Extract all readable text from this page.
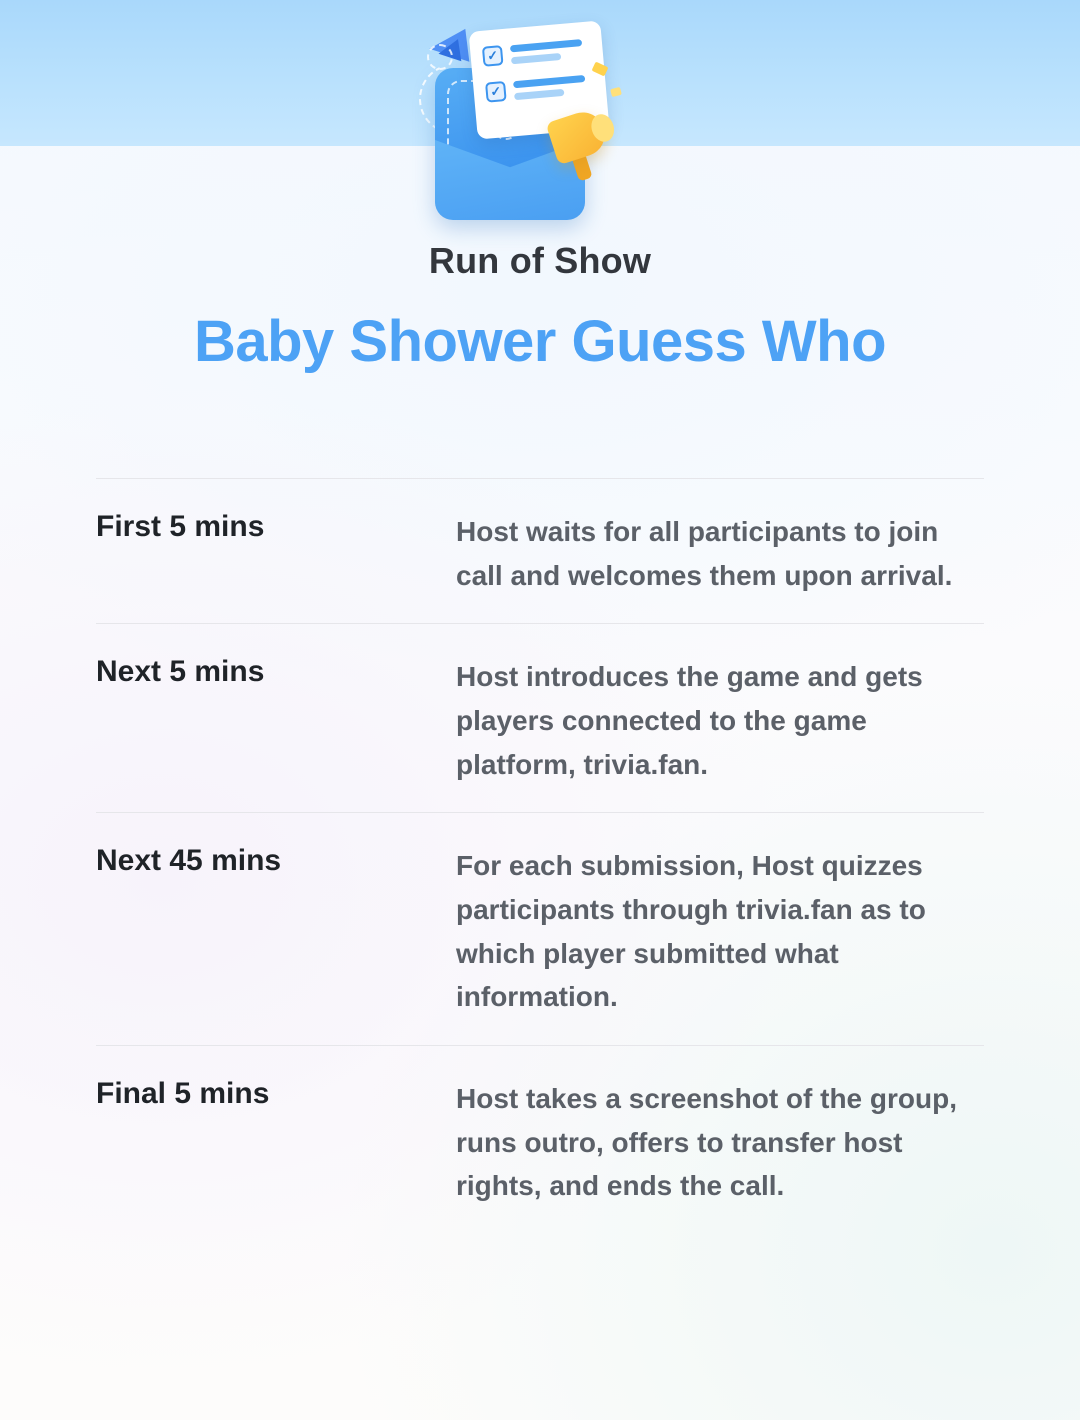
✓
✓
Run of Show
Baby Shower Guess Who
First 5 mins	Host waits for all participants to join call and welcomes them upon arrival.
Next 5 mins	Host introduces the game and gets players connected to the game platform, trivia.fan.
Next 45 mins	For each submission, Host quizzes participants through trivia.fan as to which player submitted what information.
Final 5 mins	Host takes a screenshot of the group, runs outro, offers to transfer host rights, and ends the call.
